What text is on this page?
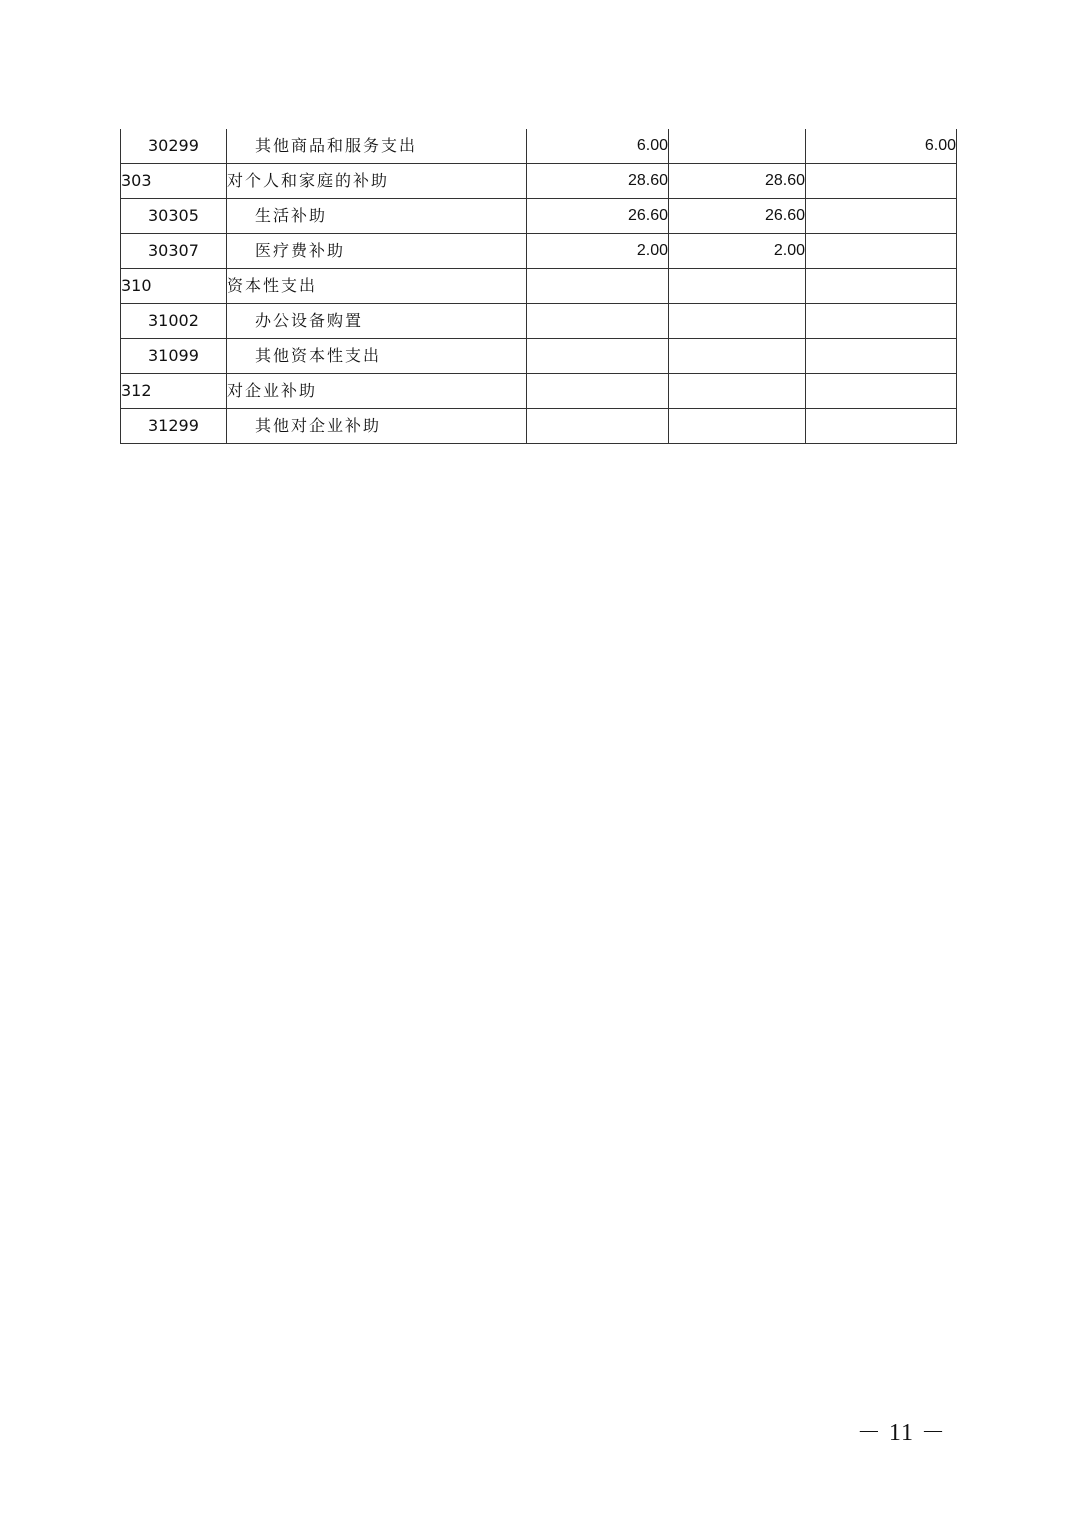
30299	其他商品和服务支出	6.00		6.00
303	对个人和家庭的补助	28.60	28.60	
30305	生活补助	26.60	26.60	
30307	医疗费补助	2.00	2.00	
310	资本性支出			
31002	办公设备购置			
31099	其他资本性支出			
312	对企业补助			
31299	其他对企业补助			
－ 11 －
